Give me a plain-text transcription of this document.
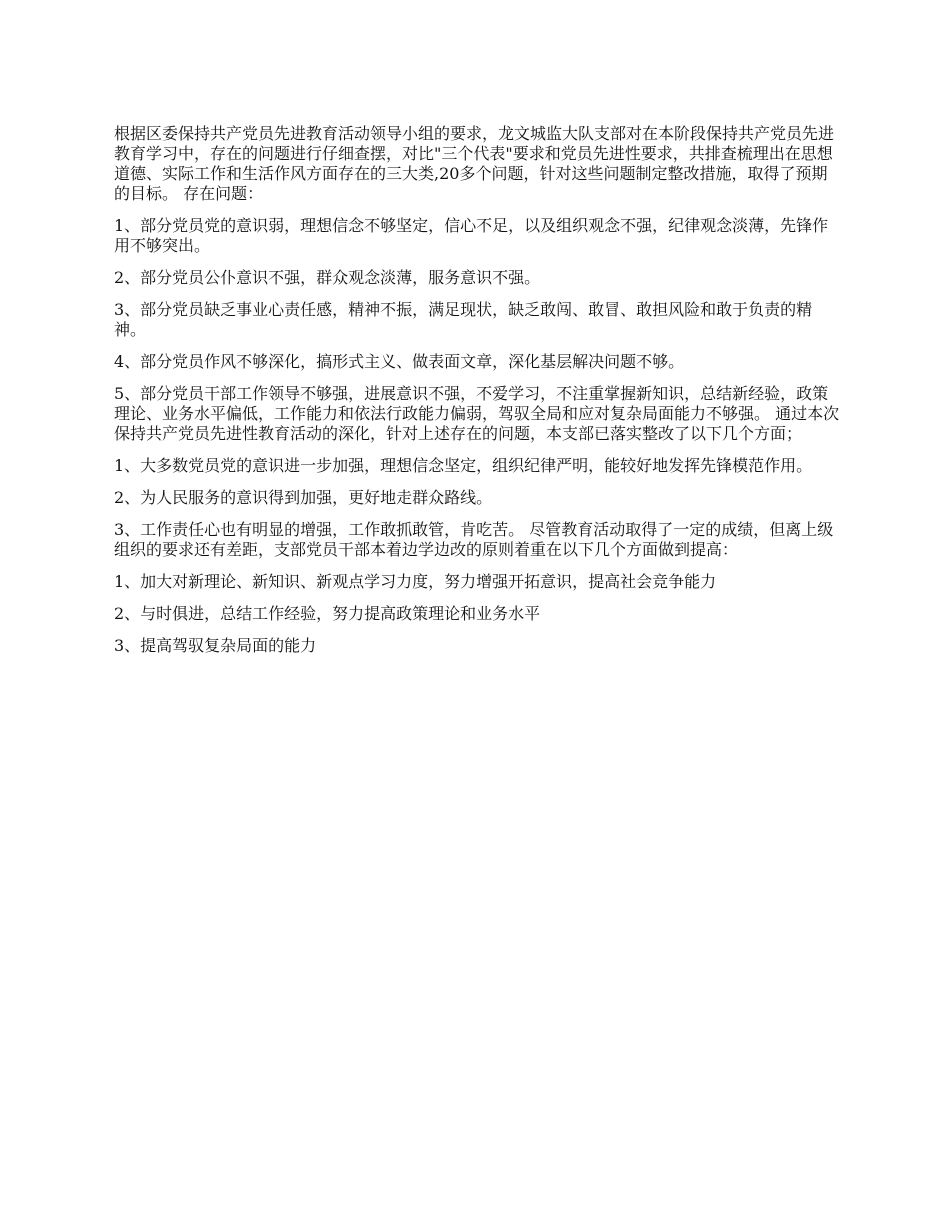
根据区委保持共产党员先进教育活动领导小组的要求，龙文城监大队支部对在本阶段保持共产党员先进教育学习中，存在的问题进行仔细查摆，对比"三个代表"要求和党员先进性要求，共排查梳理出在思想道德、实际工作和生活作风方面存在的三大类,20多个问题，针对这些问题制定整改措施，取得了预期的目标。 存在问题：

1、部分党员党的意识弱，理想信念不够坚定，信心不足，以及组织观念不强，纪律观念淡薄，先锋作用不够突出。

2、部分党员公仆意识不强，群众观念淡薄，服务意识不强。

3、部分党员缺乏事业心责任感，精神不振，满足现状，缺乏敢闯、敢冒、敢担风险和敢于负责的精神。

4、部分党员作风不够深化，搞形式主义、做表面文章，深化基层解决问题不够。

5、部分党员干部工作领导不够强，进展意识不强，不爱学习，不注重掌握新知识，总结新经验，政策理论、业务水平偏低，工作能力和依法行政能力偏弱，驾驭全局和应对复杂局面能力不够强。 通过本次保持共产党员先进性教育活动的深化，针对上述存在的问题，本支部已落实整改了以下几个方面；

1、大多数党员党的意识进一步加强，理想信念坚定，组织纪律严明，能较好地发挥先锋模范作用。

2、为人民服务的意识得到加强，更好地走群众路线。

3、工作责任心也有明显的增强，工作敢抓敢管，肯吃苦。 尽管教育活动取得了一定的成绩，但离上级组织的要求还有差距，支部党员干部本着边学边改的原则着重在以下几个方面做到提高：

1、加大对新理论、新知识、新观点学习力度，努力增强开拓意识，提高社会竞争能力

2、与时俱进，总结工作经验，努力提高政策理论和业务水平

3、提高驾驭复杂局面的能力
